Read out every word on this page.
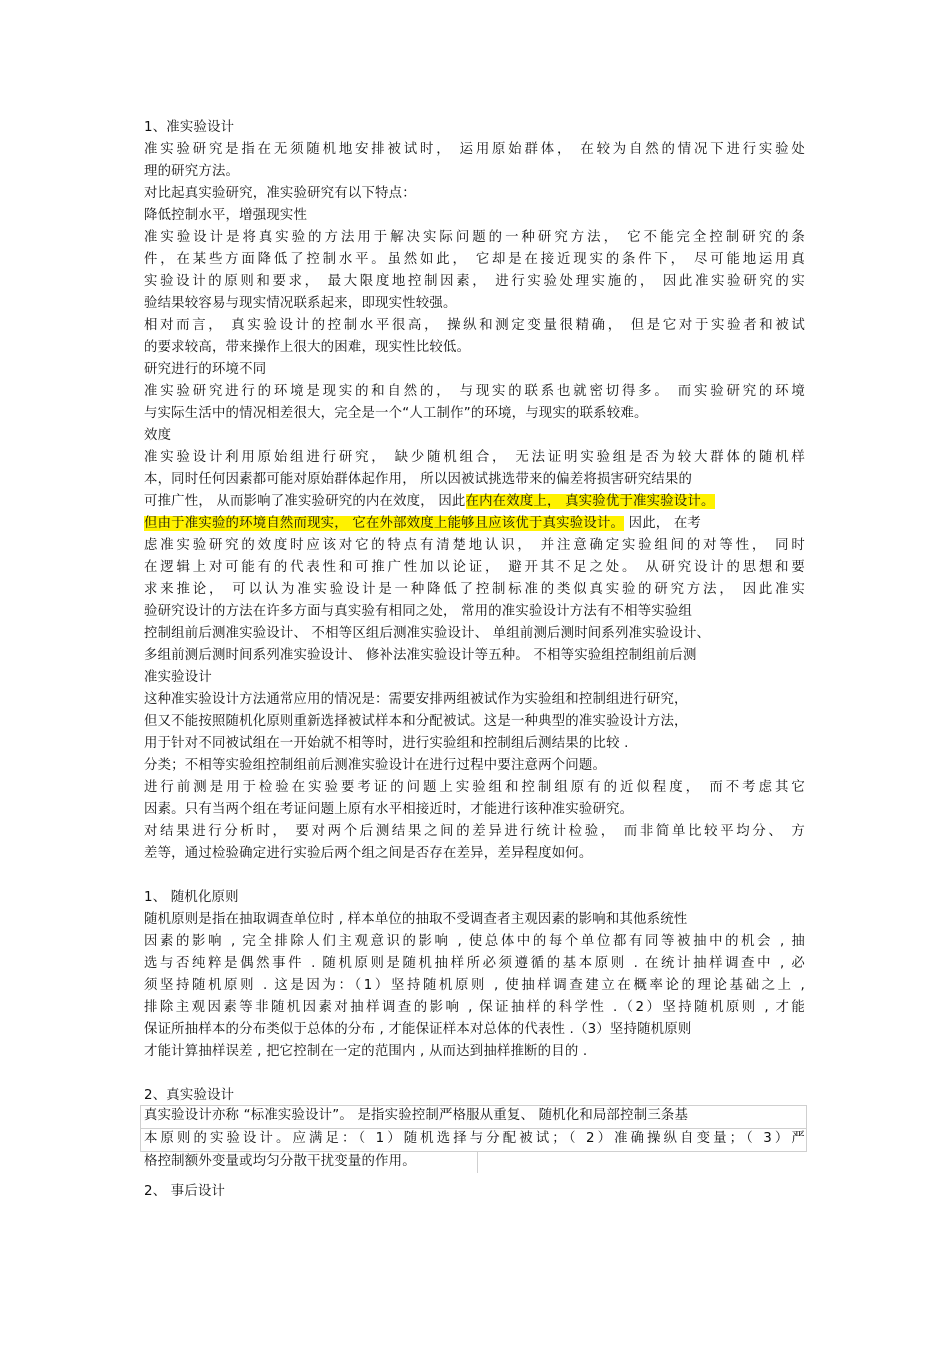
1、准实验设计
准实验研究是指在无须随机地安排被试时， 运用原始群体， 在较为自然的情况下进行实验处
理的研究方法。
对比起真实验研究，准实验研究有以下特点：
降低控制水平，增强现实性
准实验设计是将真实验的方法用于解决实际问题的一种研究方法， 它不能完全控制研究的条
件，在某些方面降低了控制水平。虽然如此， 它却是在接近现实的条件下， 尽可能地运用真
实验设计的原则和要求， 最大限度地控制因素， 进行实验处理实施的， 因此准实验研究的实
验结果较容易与现实情况联系起来，即现实性较强。
相对而言， 真实验设计的控制水平很高， 操纵和测定变量很精确， 但是它对于实验者和被试
的要求较高，带来操作上很大的困难，现实性比较低。
研究进行的环境不同
准实验研究进行的环境是现实的和自然的， 与现实的联系也就密切得多。 而实验研究的环境
与实际生活中的情况相差很大，完全是一个“人工制作”的环境，与现实的联系较难。
效度
准实验设计利用原始组进行研究， 缺少随机组合， 无法证明实验组是否为较大群体的随机样
本，同时任何因素都可能对原始群体起作用， 所以因被试挑选带来的偏差将损害研究结果的
可推广性， 从而影响了准实验研究的内在效度， 因此在内在效度上， 真实验优于准实验设计。
但由于准实验的环境自然而现实， 它在外部效度上能够且应该优于真实验设计。 因此， 在考
虑准实验研究的效度时应该对它的特点有清楚地认识， 并注意确定实验组间的对等性， 同时
在逻辑上对可能有的代表性和可推广性加以论证， 避开其不足之处。 从研究设计的思想和要
求来推论， 可以认为准实验设计是一种降低了控制标准的类似真实验的研究方法， 因此准实
验研究设计的方法在许多方面与真实验有相同之处， 常用的准实验设计方法有不相等实验组
控制组前后测准实验设计、 不相等区组后测准实验设计、 单组前测后测时间系列准实验设计、
多组前测后测时间系列准实验设计、 修补法准实验设计等五种。 不相等实验组控制组前后测
准实验设计
这种准实验设计方法通常应用的情况是：需要安排两组被试作为实验组和控制组进行研究，
但又不能按照随机化原则重新选择被试样本和分配被试。这是一种典型的准实验设计方法，
用于针对不同被试组在一开始就不相等时，进行实验组和控制组后测结果的比较 .
分类；不相等实验组控制组前后测准实验设计在进行过程中要注意两个问题。
进行前测是用于检验在实验要考证的问题上实验组和控制组原有的近似程度， 而不考虑其它
因素。只有当两个组在考证问题上原有水平相接近时，才能进行该种准实验研究。
对结果进行分析时， 要对两个后测结果之间的差异进行统计检验， 而非简单比较平均分、 方
差等，通过检验确定进行实验后两个组之间是否存在差异，差异程度如何。
1、 随机化原则
随机原则是指在抽取调查单位时 , 样本单位的抽取不受调查者主观因素的影响和其他系统性
因素的影响 , 完全排除人们主观意识的影响 , 使总体中的每个单位都有同等被抽中的机会 , 抽
选与否纯粹是偶然事件 . 随机原则是随机抽样所必须遵循的基本原则 . 在统计抽样调查中 , 必
须坚持随机原则 . 这是因为：（1）坚持随机原则 , 使抽样调查建立在概率论的理论基础之上 ,
排除主观因素等非随机因素对抽样调查的影响 , 保证抽样的科学性 .（2）坚持随机原则 , 才能
保证所抽样本的分布类似于总体的分布 , 才能保证样本对总体的代表性 .（3）坚持随机原则
才能计算抽样误差 , 把它控制在一定的范围内 , 从而达到抽样推断的目的 .
2、真实验设计
真实验设计亦称 “标准实验设计”。 是指实验控制严格服从重复、 随机化和局部控制三条基
本原则的实验设计。应满足：（ 1）随机选择与分配被试；（ 2）准确操纵自变量；（ 3）严
格控制额外变量或均匀分散干扰变量的作用。
2、 事后设计
